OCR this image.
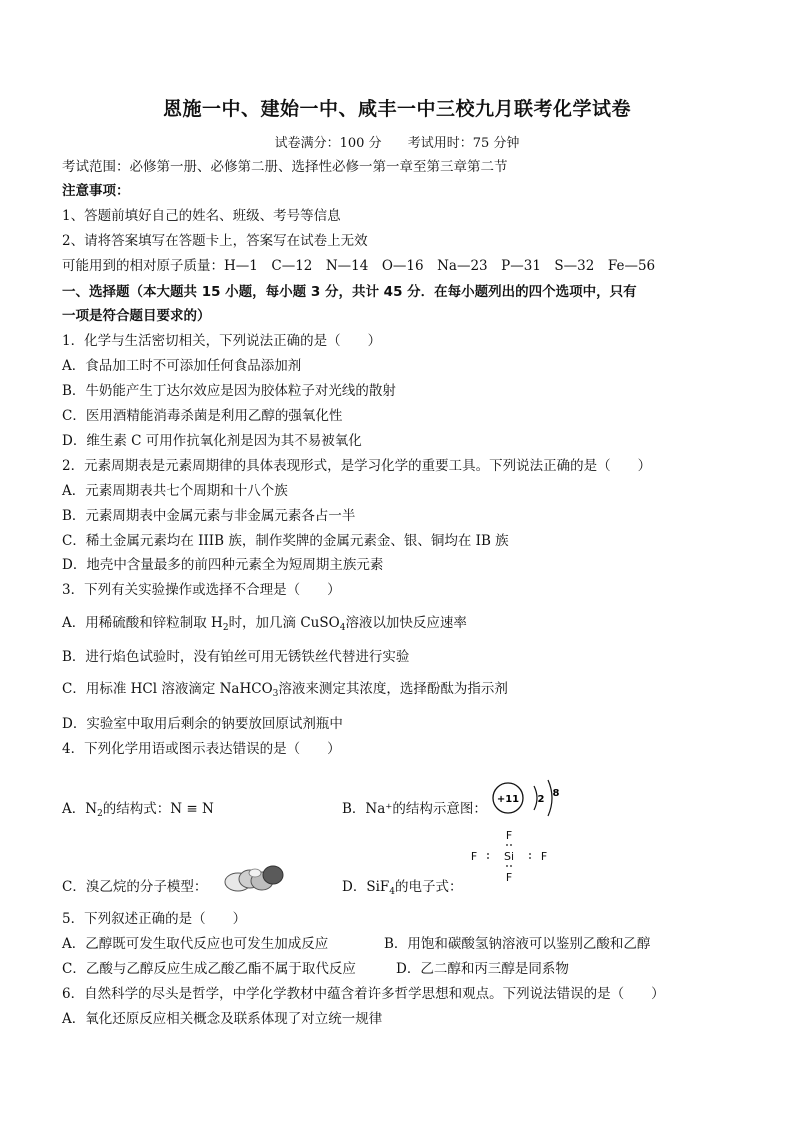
恩施一中、建始一中、咸丰一中三校九月联考化学试卷
试卷满分：100 分 考试用时：75 分钟
考试范围：必修第一册、必修第二册、选择性必修一第一章至第三章第二节
注意事项：
1、答题前填好自己的姓名、班级、考号等信息
2、请将答案填写在答题卡上，答案写在试卷上无效
可能用到的相对原子质量：H—1　C—12　N—14　O—16　Na—23　P—31　S—32　Fe—56
一、选择题（本大题共 15 小题，每小题 3 分，共计 45 分．在每小题列出的四个选项中，只有
一项是符合题目要求的）
1．化学与生活密切相关，下列说法正确的是（　　）
A．食品加工时不可添加任何食品添加剂
B．牛奶能产生丁达尔效应是因为胶体粒子对光线的散射
C．医用酒精能消毒杀菌是利用乙醇的强氧化性
D．维生素 C 可用作抗氧化剂是因为其不易被氧化
2．元素周期表是元素周期律的具体表现形式，是学习化学的重要工具。下列说法正确的是（　　）
A．元素周期表共七个周期和十八个族
B．元素周期表中金属元素与非金属元素各占一半
C．稀土金属元素均在 IIIB 族，制作奖牌的金属元素金、银、铜均在 IB 族
D．地壳中含量最多的前四种元素全为短周期主族元素
3．下列有关实验操作或选择不合理是（　　）
A．用稀硫酸和锌粒制取 $H_2$时，加几滴 CuSO$_4$溶液以加快反应速率
B．进行焰色试验时，没有铂丝可用无锈铁丝代替进行实验
C．用标准 HCl 溶液滴定 NaHCO$_3$溶液来测定其浓度，选择酚酞为指示剂
D．实验室中取用后剩余的钠要放回原试剂瓶中
4．下列化学用语或图示表达错误的是（　　）
A．$N_2$的结构式：N ≡ N	B．Na⁺的结构示意图：
+11 2
8
C．溴乙烷的分子模型：	D．SiF$_4$的电子式：
F
Si
F
F	F
5．下列叙述正确的是（　　）
A．乙醇既可发生取代反应也可发生加成反应	B．用饱和碳酸氢钠溶液可以鉴别乙酸和乙醇
C．乙酸与乙醇反应生成乙酸乙酯不属于取代反应	D．乙二醇和丙三醇是同系物
6．自然科学的尽头是哲学，中学化学教材中蕴含着许多哲学思想和观点。下列说法错误的是（　　）
A．氧化还原反应相关概念及联系体现了对立统一规律
